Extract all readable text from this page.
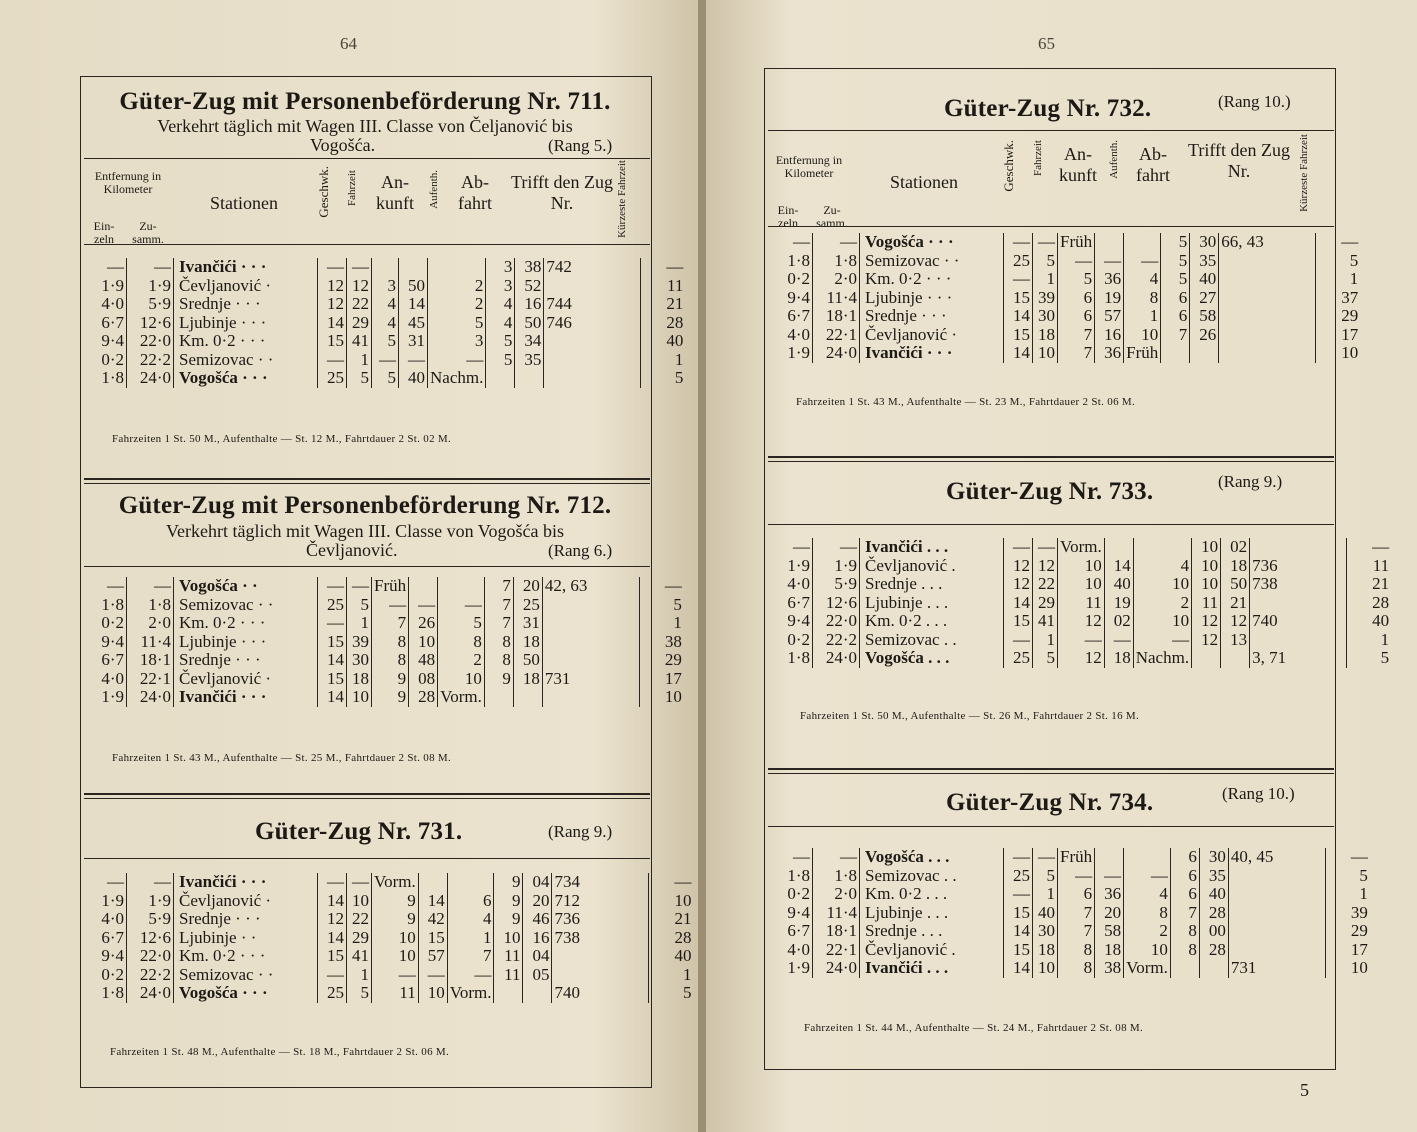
64
Güter-Zug mit Personenbeförderung Nr. 711.
Verkehrt täglich mit Wagen III. Classe von Čeljanović bis
Vogošća.	(Rang 5.)
Entfernung in Kilometer
Ein-zeln
Zu-samm.
Stationen	Geschwk. Fahrzeit	An-kunft	Aufenth.	Ab-fahrt
Trifft den Zug Nr.	Kürzeste Fahrzeit
—	—	Ivančići · · ·	—	—				3	38	742	—
1·9	1·9	Čevljanović ·	12	12	3	50	2	3	52		11
4·0	5·9	Srednje · · ·	12	22	4	14	2	4	16	744	21
6·7	12·6	Ljubinje · · ·	14	29	4	45	5	4	50	746	28
9·4	22·0	Km. 0·2 · · ·	15	41	5	31	3	5	34		40
0·2	22·2	Semizovac · ·	—	1	—	—	—	5	35		1
1·8	24·0	Vogošća · · ·	25	5	5	40	Nachm.				5
Fahrzeiten 1 St. 50 M., Aufenthalte — St. 12 M., Fahrtdauer 2 St. 02 M.
Güter-Zug mit Personenbeförderung Nr. 712.
Verkehrt täglich mit Wagen III. Classe von Vogošća bis
Čevljanović.	(Rang 6.)
—	—	Vogošća · ·	—	—	Früh			7	20	42, 63	—
1·8	1·8	Semizovac · ·	25	5	—	—	—	7	25		5
0·2	2·0	Km. 0·2 · · ·	—	1	7	26	5	7	31		1
9·4	11·4	Ljubinje · · ·	15	39	8	10	8	8	18		38
6·7	18·1	Srednje · · ·	14	30	8	48	2	8	50		29
4·0	22·1	Čevljanović ·	15	18	9	08	10	9	18	731	17
1·9	24·0	Ivančići · · ·	14	10	9	28	Vorm.				10
Fahrzeiten 1 St. 43 M., Aufenthalte — St. 25 M., Fahrtdauer 2 St. 08 M.
Güter-Zug Nr. 731.	(Rang 9.)
—	—	Ivančići · · ·	—	—	Vorm.			9	04	734	—
1·9	1·9	Čevljanović ·	14	10	9	14	6	9	20	712	10
4·0	5·9	Srednje · · ·	12	22	9	42	4	9	46	736	21
6·7	12·6	Ljubinje · ·	14	29	10	15	1	10	16	738	28
9·4	22·0	Km. 0·2 · · ·	15	41	10	57	7	11	04		40
0·2	22·2	Semizovac · ·	—	1	—	—	—	11	05		1
1·8	24·0	Vogošća · · ·	25	5	11	10	Vorm.			740	5
Fahrzeiten 1 St. 48 M., Aufenthalte — St. 18 M., Fahrtdauer 2 St. 06 M.
65
Güter-Zug Nr. 732.	(Rang 10.)
Entfernung in Kilometer
Ein-zeln
Zu-samm.
Stationen	Geschwk. Fahrzeit	An-kunft	Aufenth.	Ab-fahrt
Trifft den Zug Nr.	Kürzeste Fahrzeit
—	—	Vogošća · · ·	—	—	Früh			5	30	66, 43	—
1·8	1·8	Semizovac · ·	25	5	—	—	—	5	35		5
0·2	2·0	Km. 0·2 · · ·	—	1	5	36	4	5	40		1
9·4	11·4	Ljubinje · · ·	15	39	6	19	8	6	27		37
6·7	18·1	Srednje · · ·	14	30	6	57	1	6	58		29
4·0	22·1	Čevljanović ·	15	18	7	16	10	7	26		17
1·9	24·0	Ivančići · · ·	14	10	7	36	Früh				10
Fahrzeiten 1 St. 43 M., Aufenthalte — St. 23 M., Fahrtdauer 2 St. 06 M.
Güter-Zug Nr. 733.	(Rang 9.)
—	—	Ivančići . . .	—	—	Vorm.			10	02		—
1·9	1·9	Čevljanović .	12	12	10	14	4	10	18	736	11
4·0	5·9	Srednje . . .	12	22	10	40	10	10	50	738	21
6·7	12·6	Ljubinje . . .	14	29	11	19	2	11	21		28
9·4	22·0	Km. 0·2 . . .	15	41	12	02	10	12	12	740	40
0·2	22·2	Semizovac . .	—	1	—	—	—	12	13		1
1·8	24·0	Vogošća . . .	25	5	12	18	Nachm.			3, 71	5
Fahrzeiten 1 St. 50 M., Aufenthalte — St. 26 M., Fahrtdauer 2 St. 16 M.
Güter-Zug Nr. 734.	(Rang 10.)
—	—	Vogošća . . .	—	—	Früh			6	30	40, 45	—
1·8	1·8	Semizovac . .	25	5	—	—	—	6	35		5
0·2	2·0	Km. 0·2 . . .	—	1	6	36	4	6	40		1
9·4	11·4	Ljubinje . . .	15	40	7	20	8	7	28		39
6·7	18·1	Srednje . . .	14	30	7	58	2	8	00		29
4·0	22·1	Čevljanović .	15	18	8	18	10	8	28		17
1·9	24·0	Ivančići . . .	14	10	8	38	Vorm.			731	10
Fahrzeiten 1 St. 44 M., Aufenthalte — St. 24 M., Fahrtdauer 2 St. 08 M.
5
